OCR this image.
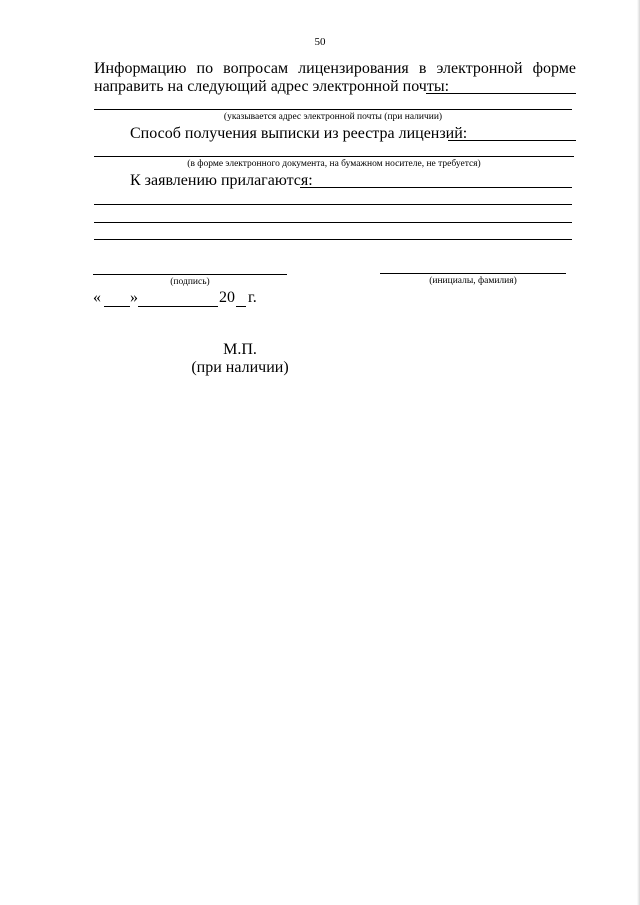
50
Информацию по вопросам лицензирования в электронной форме
направить на следующий адрес электронной почты:
(указывается адрес электронной почты (при наличии)
Способ получения выписки из реестра лицензий:
(в форме электронного документа, на бумажном носителе, не требуется)
К заявлению прилагаются:
(подпись)	(инициалы, фамилия)
« »	20 г.
М.П.
(при наличии)
